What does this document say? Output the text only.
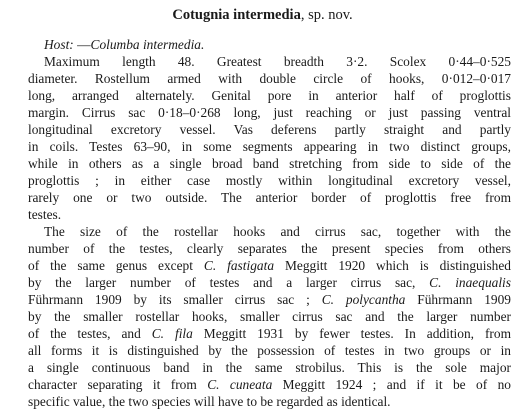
Cotugnia intermedia, sp. nov.
Host: —Columba intermedia.
Maximum length 48. Greatest breadth 3·2. Scolex 0·44–0·525
diameter. Rostellum armed with double circle of hooks, 0·012–0·017
long, arranged alternately. Genital pore in anterior half of proglottis
margin. Cirrus sac 0·18–0·268 long, just reaching or just passing ventral
longitudinal excretory vessel. Vas deferens partly straight and partly
in coils. Testes 63–90, in some segments appearing in two distinct groups,
while in others as a single broad band stretching from side to side of the
proglottis ; in either case mostly within longitudinal excretory vessel,
rarely one or two outside. The anterior border of proglottis free from
testes.
The size of the rostellar hooks and cirrus sac, together with the
number of the testes, clearly separates the present species from others
of the same genus except C. fastigata Meggitt 1920 which is distinguished
by the larger number of testes and a larger cirrus sac, C. inaequalis
Führmann 1909 by its smaller cirrus sac ; C. polycantha Führmann 1909
by the smaller rostellar hooks, smaller cirrus sac and the larger number
of the testes, and C. fila Meggitt 1931 by fewer testes. In addition, from
all forms it is distinguished by the possession of testes in two groups or in
a single continuous band in the same strobilus. This is the sole major
character separating it from C. cuneata Meggitt 1924 ; and if it be of no
specific value, the two species will have to be regarded as identical.
